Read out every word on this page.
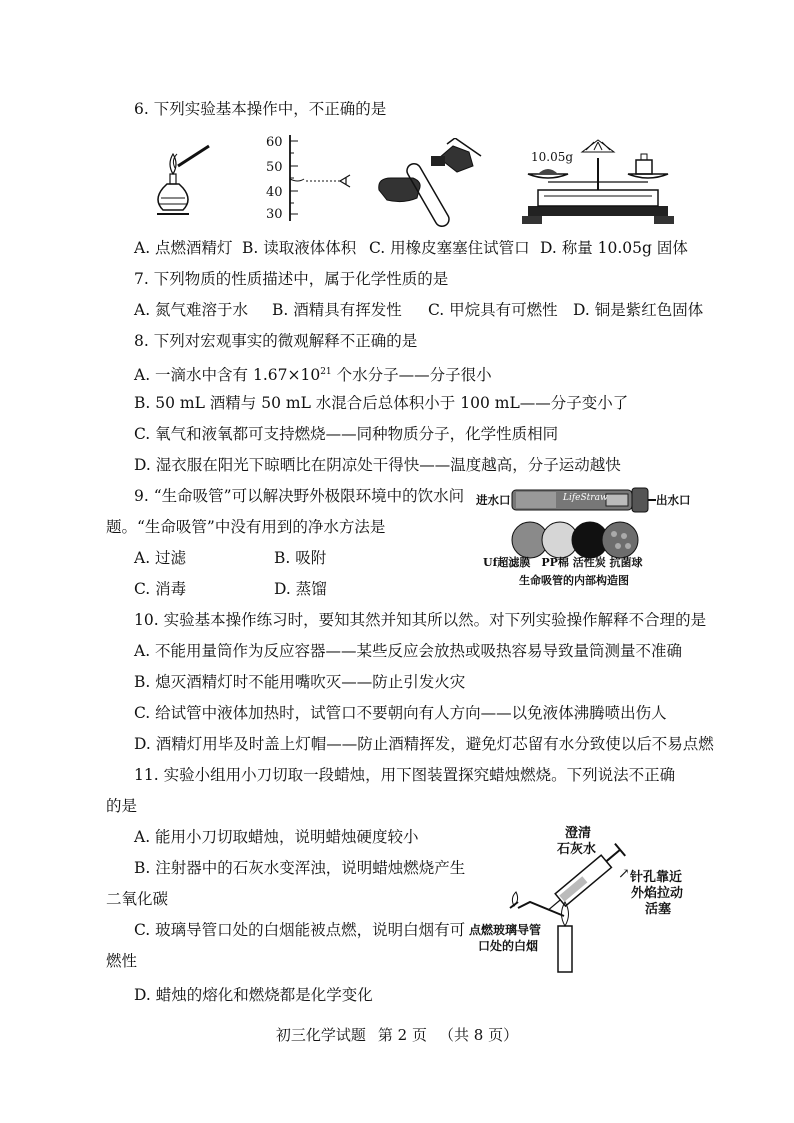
6. 下列实验基本操作中，不正确的是
60
50
40
30
10.05g
A. 点燃酒精灯 B. 读取液体体积 C. 用橡皮塞塞住试管口 D. 称量 10.05g 固体
7. 下列物质的性质描述中，属于化学性质的是
A. 氮气难溶于水 B. 酒精具有挥发性 C. 甲烷具有可燃性 D. 铜是紫红色固体
8. 下列对宏观事实的微观解释不正确的是
A. 一滴水中含有 $1.67\times 10^{21}$ 个水分子——分子很小
B. 50 mL 酒精与 50 mL 水混合后总体积小于 100 mL——分子变小了
C. 氧气和液氧都可支持燃烧——同种物质分子，化学性质相同
D. 湿衣服在阳光下晾晒比在阴凉处干得快——温度越高，分子运动越快
9. “生命吸管”可以解决野外极限环境中的饮水问
题。“生命吸管”中没有用到的净水方法是
A. 过滤	B. 吸附
C. 消毒	D. 蒸馏
进水口	出水口
LifeStraw
Uf超滤膜　PP棉 活性炭 抗菌球
生命吸管的内部构造图
10. 实验基本操作练习时，要知其然并知其所以然。对下列实验操作解释不合理的是
A. 不能用量筒作为反应容器——某些反应会放热或吸热容易导致量筒测量不准确
B. 熄灭酒精灯时不能用嘴吹灭——防止引发火灾
C. 给试管中液体加热时，试管口不要朝向有人方向——以免液体沸腾喷出伤人
D. 酒精灯用毕及时盖上灯帽——防止酒精挥发，避免灯芯留有水分致使以后不易点燃
11. 实验小组用小刀切取一段蜡烛，用下图装置探究蜡烛燃烧。下列说法不正确
的是
A. 能用小刀切取蜡烛，说明蜡烛硬度较小
B. 注射器中的石灰水变浑浊，说明蜡烛燃烧产生
二氧化碳
C. 玻璃导管口处的白烟能被点燃，说明白烟有可
燃性
D. 蜡烛的熔化和燃烧都是化学变化
澄清
石灰水
针孔靠近
外焰拉动
活塞
↗
点燃玻璃导管
口处的白烟
初三化学试题 第 2 页 （共 8 页）
